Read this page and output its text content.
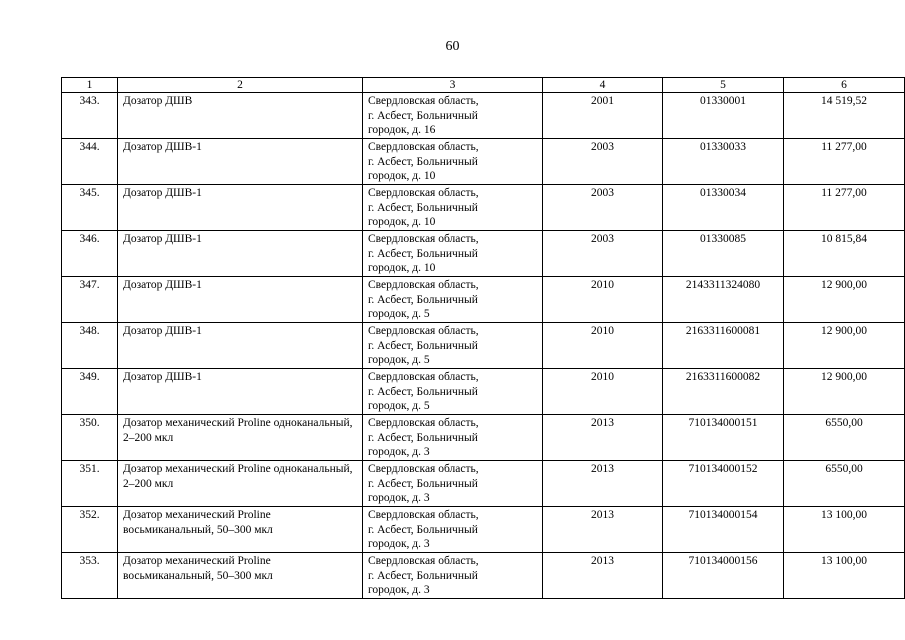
60
1	2	3	4	5	6
343.	Дозатор ДШВ	Свердловская область,
г. Асбест, Больничный
городок, д. 16	2001	01330001	14 519,52
344.	Дозатор ДШВ-1	Свердловская область,
г. Асбест, Больничный
городок, д. 10	2003	01330033	11 277,00
345.	Дозатор ДШВ-1	Свердловская область,
г. Асбест, Больничный
городок, д. 10	2003	01330034	11 277,00
346.	Дозатор ДШВ-1	Свердловская область,
г. Асбест, Больничный
городок, д. 10	2003	01330085	10 815,84
347.	Дозатор ДШВ-1	Свердловская область,
г. Асбест, Больничный
городок, д. 5	2010	2143311324080	12 900,00
348.	Дозатор ДШВ-1	Свердловская область,
г. Асбест, Больничный
городок, д. 5	2010	2163311600081	12 900,00
349.	Дозатор ДШВ-1	Свердловская область,
г. Асбест, Больничный
городок, д. 5	2010	2163311600082	12 900,00
350.	Дозатор механический Proline одноканальный, 2–200 мкл	Свердловская область,
г. Асбест, Больничный
городок, д. 3	2013	710134000151	6550,00
351.	Дозатор механический Proline одноканальный, 2–200 мкл	Свердловская область,
г. Асбест, Больничный
городок, д. 3	2013	710134000152	6550,00
352.	Дозатор механический Proline восьмиканальный, 50–300 мкл	Свердловская область,
г. Асбест, Больничный
городок, д. 3	2013	710134000154	13 100,00
353.	Дозатор механический Proline восьмиканальный, 50–300 мкл	Свердловская область,
г. Асбест, Больничный
городок, д. 3	2013	710134000156	13 100,00
